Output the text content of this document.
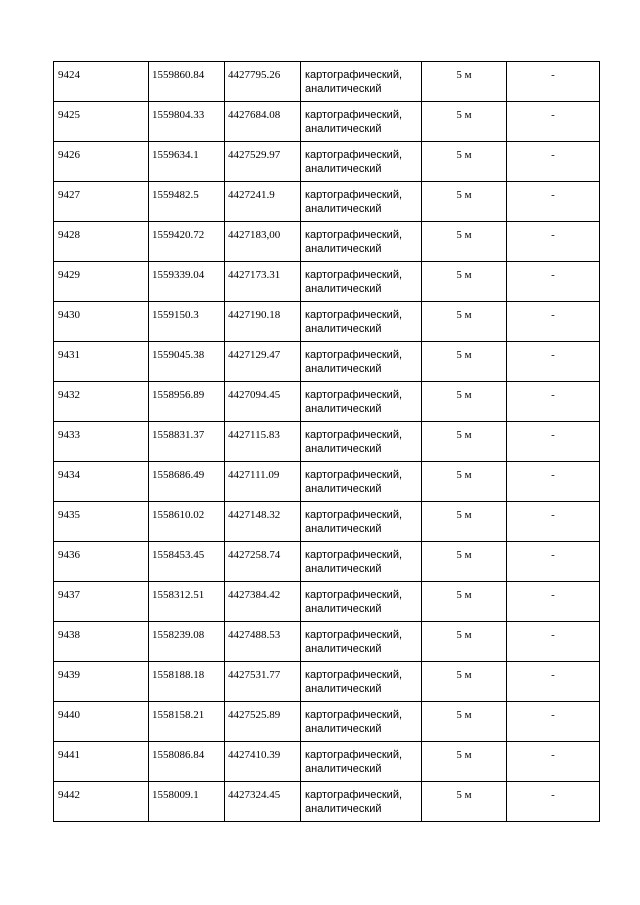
9424	1559860.84	4427795.26	картографический,
аналитический	5 м	-

9425	1559804.33	4427684.08	картографический,
аналитический	5 м	-

9426	1559634.1	4427529.97	картографический,
аналитический	5 м	-

9427	1559482.5	4427241.9	картографический,
аналитический	5 м	-

9428	1559420.72	4427183,00	картографический,
аналитический	5 м	-

9429	1559339.04	4427173.31	картографический,
аналитический	5 м	-

9430	1559150.3	4427190.18	картографический,
аналитический	5 м	-

9431	1559045.38	4427129.47	картографический,
аналитический	5 м	-

9432	1558956.89	4427094.45	картографический,
аналитический	5 м	-

9433	1558831.37	4427115.83	картографический,
аналитический	5 м	-

9434	1558686.49	4427111.09	картографический,
аналитический	5 м	-

9435	1558610.02	4427148.32	картографический,
аналитический	5 м	-

9436	1558453.45	4427258.74	картографический,
аналитический	5 м	-

9437	1558312.51	4427384.42	картографический,
аналитический	5 м	-

9438	1558239.08	4427488.53	картографический,
аналитический	5 м	-

9439	1558188.18	4427531.77	картографический,
аналитический	5 м	-

9440	1558158.21	4427525.89	картографический,
аналитический	5 м	-

9441	1558086.84	4427410.39	картографический,
аналитический	5 м	-

9442	1558009.1	4427324.45	картографический,
аналитический	5 м	-
